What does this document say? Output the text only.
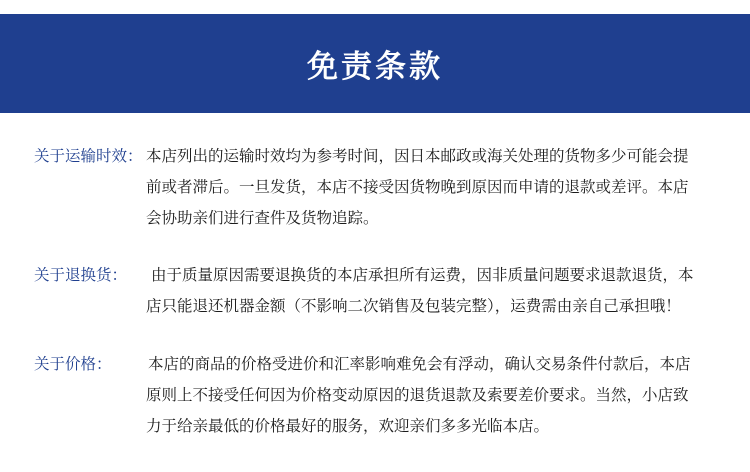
免责条款
关于运输时效： 本店列出的运输时效均为参考时间，因日本邮政或海关处理的货物多少可能会提
前或者滞后。一旦发货，本店不接受因货物晚到原因而申请的退款或差评。本店
会协助亲们进行查件及货物追踪。
关于退换货： 由于质量原因需要退换货的本店承担所有运费，因非质量问题要求退款退货，本
店只能退还机器金额（不影响二次销售及包装完整），运费需由亲自己承担哦！
关于价格： 本店的商品的价格受进价和汇率影响难免会有浮动，确认交易条件付款后，本店
原则上不接受任何因为价格变动原因的退货退款及索要差价要求。当然，小店致
力于给亲最低的价格最好的服务，欢迎亲们多多光临本店。
